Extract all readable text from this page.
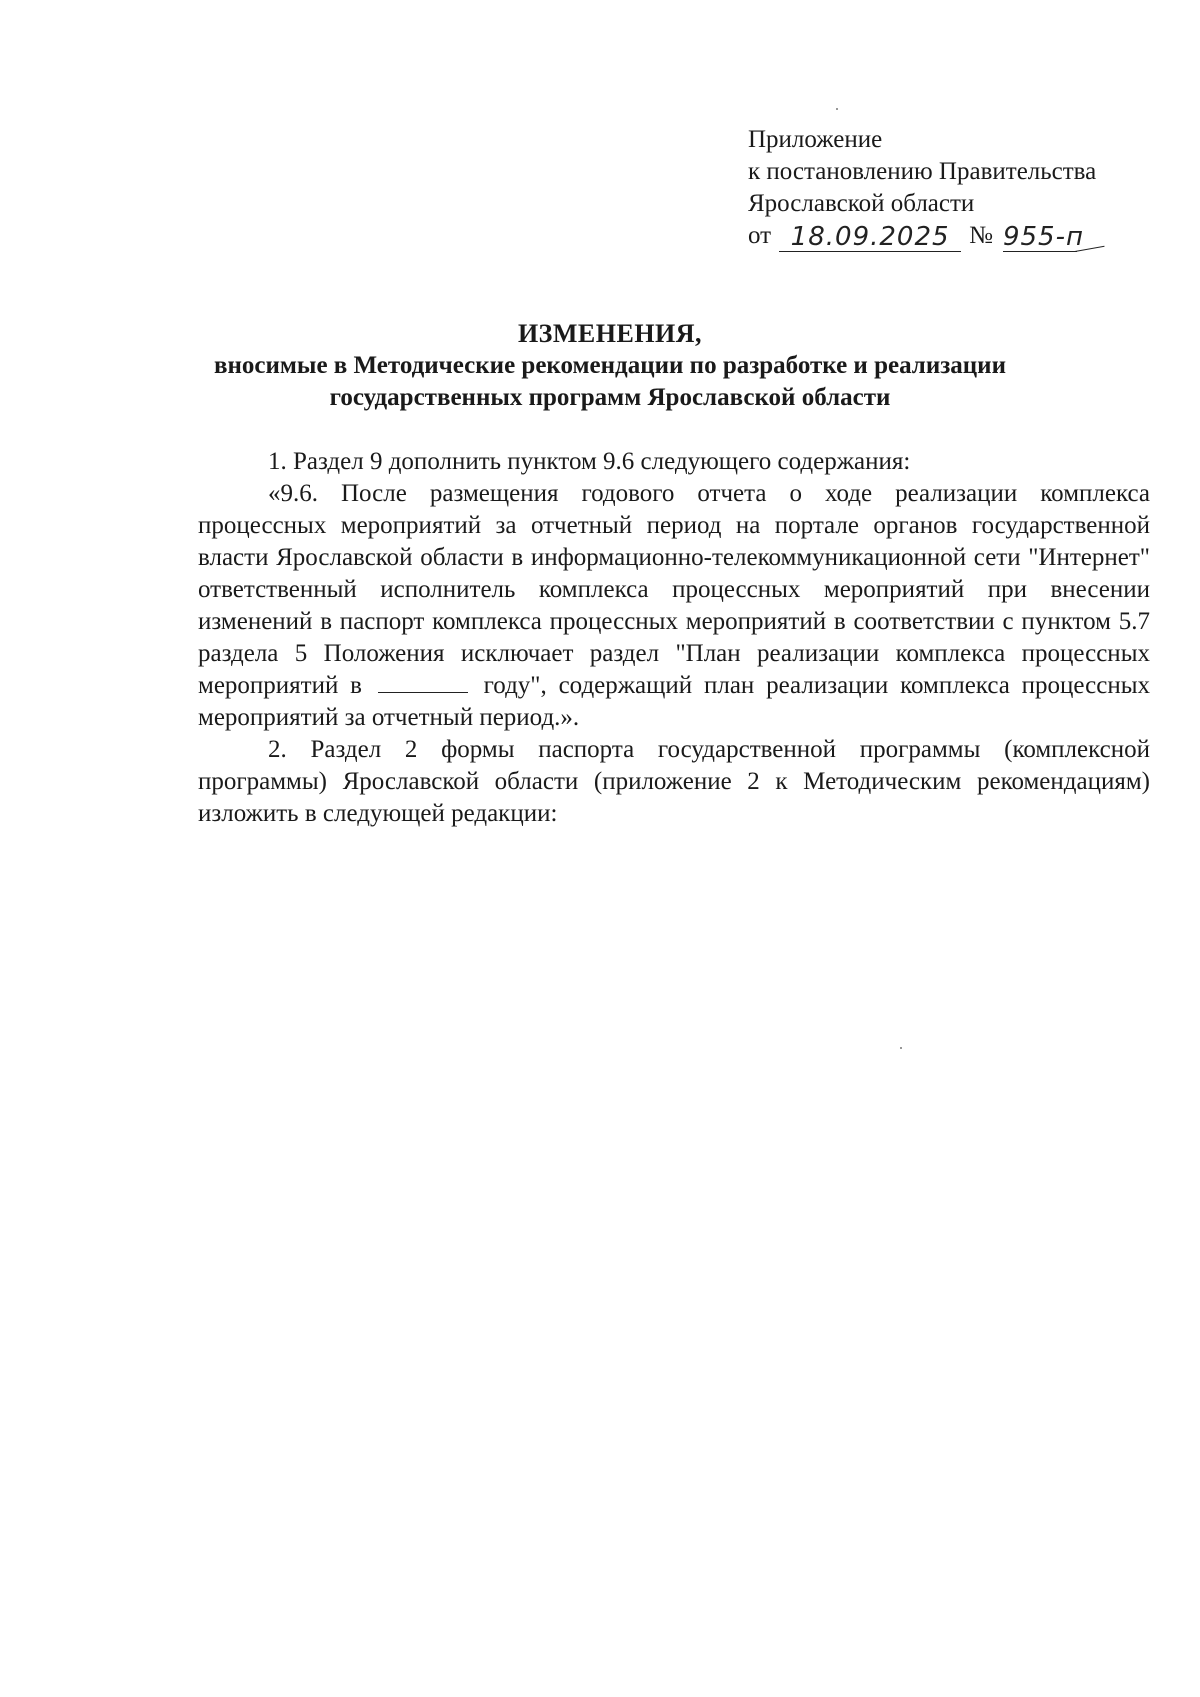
Приложение
к постановлению Правительства
Ярославской области
от 18.09.2025 № 955-п
ИЗМЕНЕНИЯ,
вносимые в Методические рекомендации по разработке и реализации
государственных программ Ярославской области

1. Раздел 9 дополнить пунктом 9.6 следующего содержания:

«9.6. После размещения годового отчета о ходе реализации комплекса процессных мероприятий за отчетный период на портале органов государственной власти Ярославской области в информационно-телекоммуникационной сети "Интернет" ответственный исполнитель комплекса процессных мероприятий при внесении изменений в паспорт комплекса процессных мероприятий в соответствии с пунктом 5.7 раздела 5 Положения исключает раздел "План реализации комплекса процессных мероприятий в	году", содержащий план реализации комплекса процессных мероприятий за отчетный период.».

2. Раздел 2 формы паспорта государственной программы (комплексной программы) Ярославской области (приложение 2 к Методическим рекомендациям) изложить в следующей редакции:
